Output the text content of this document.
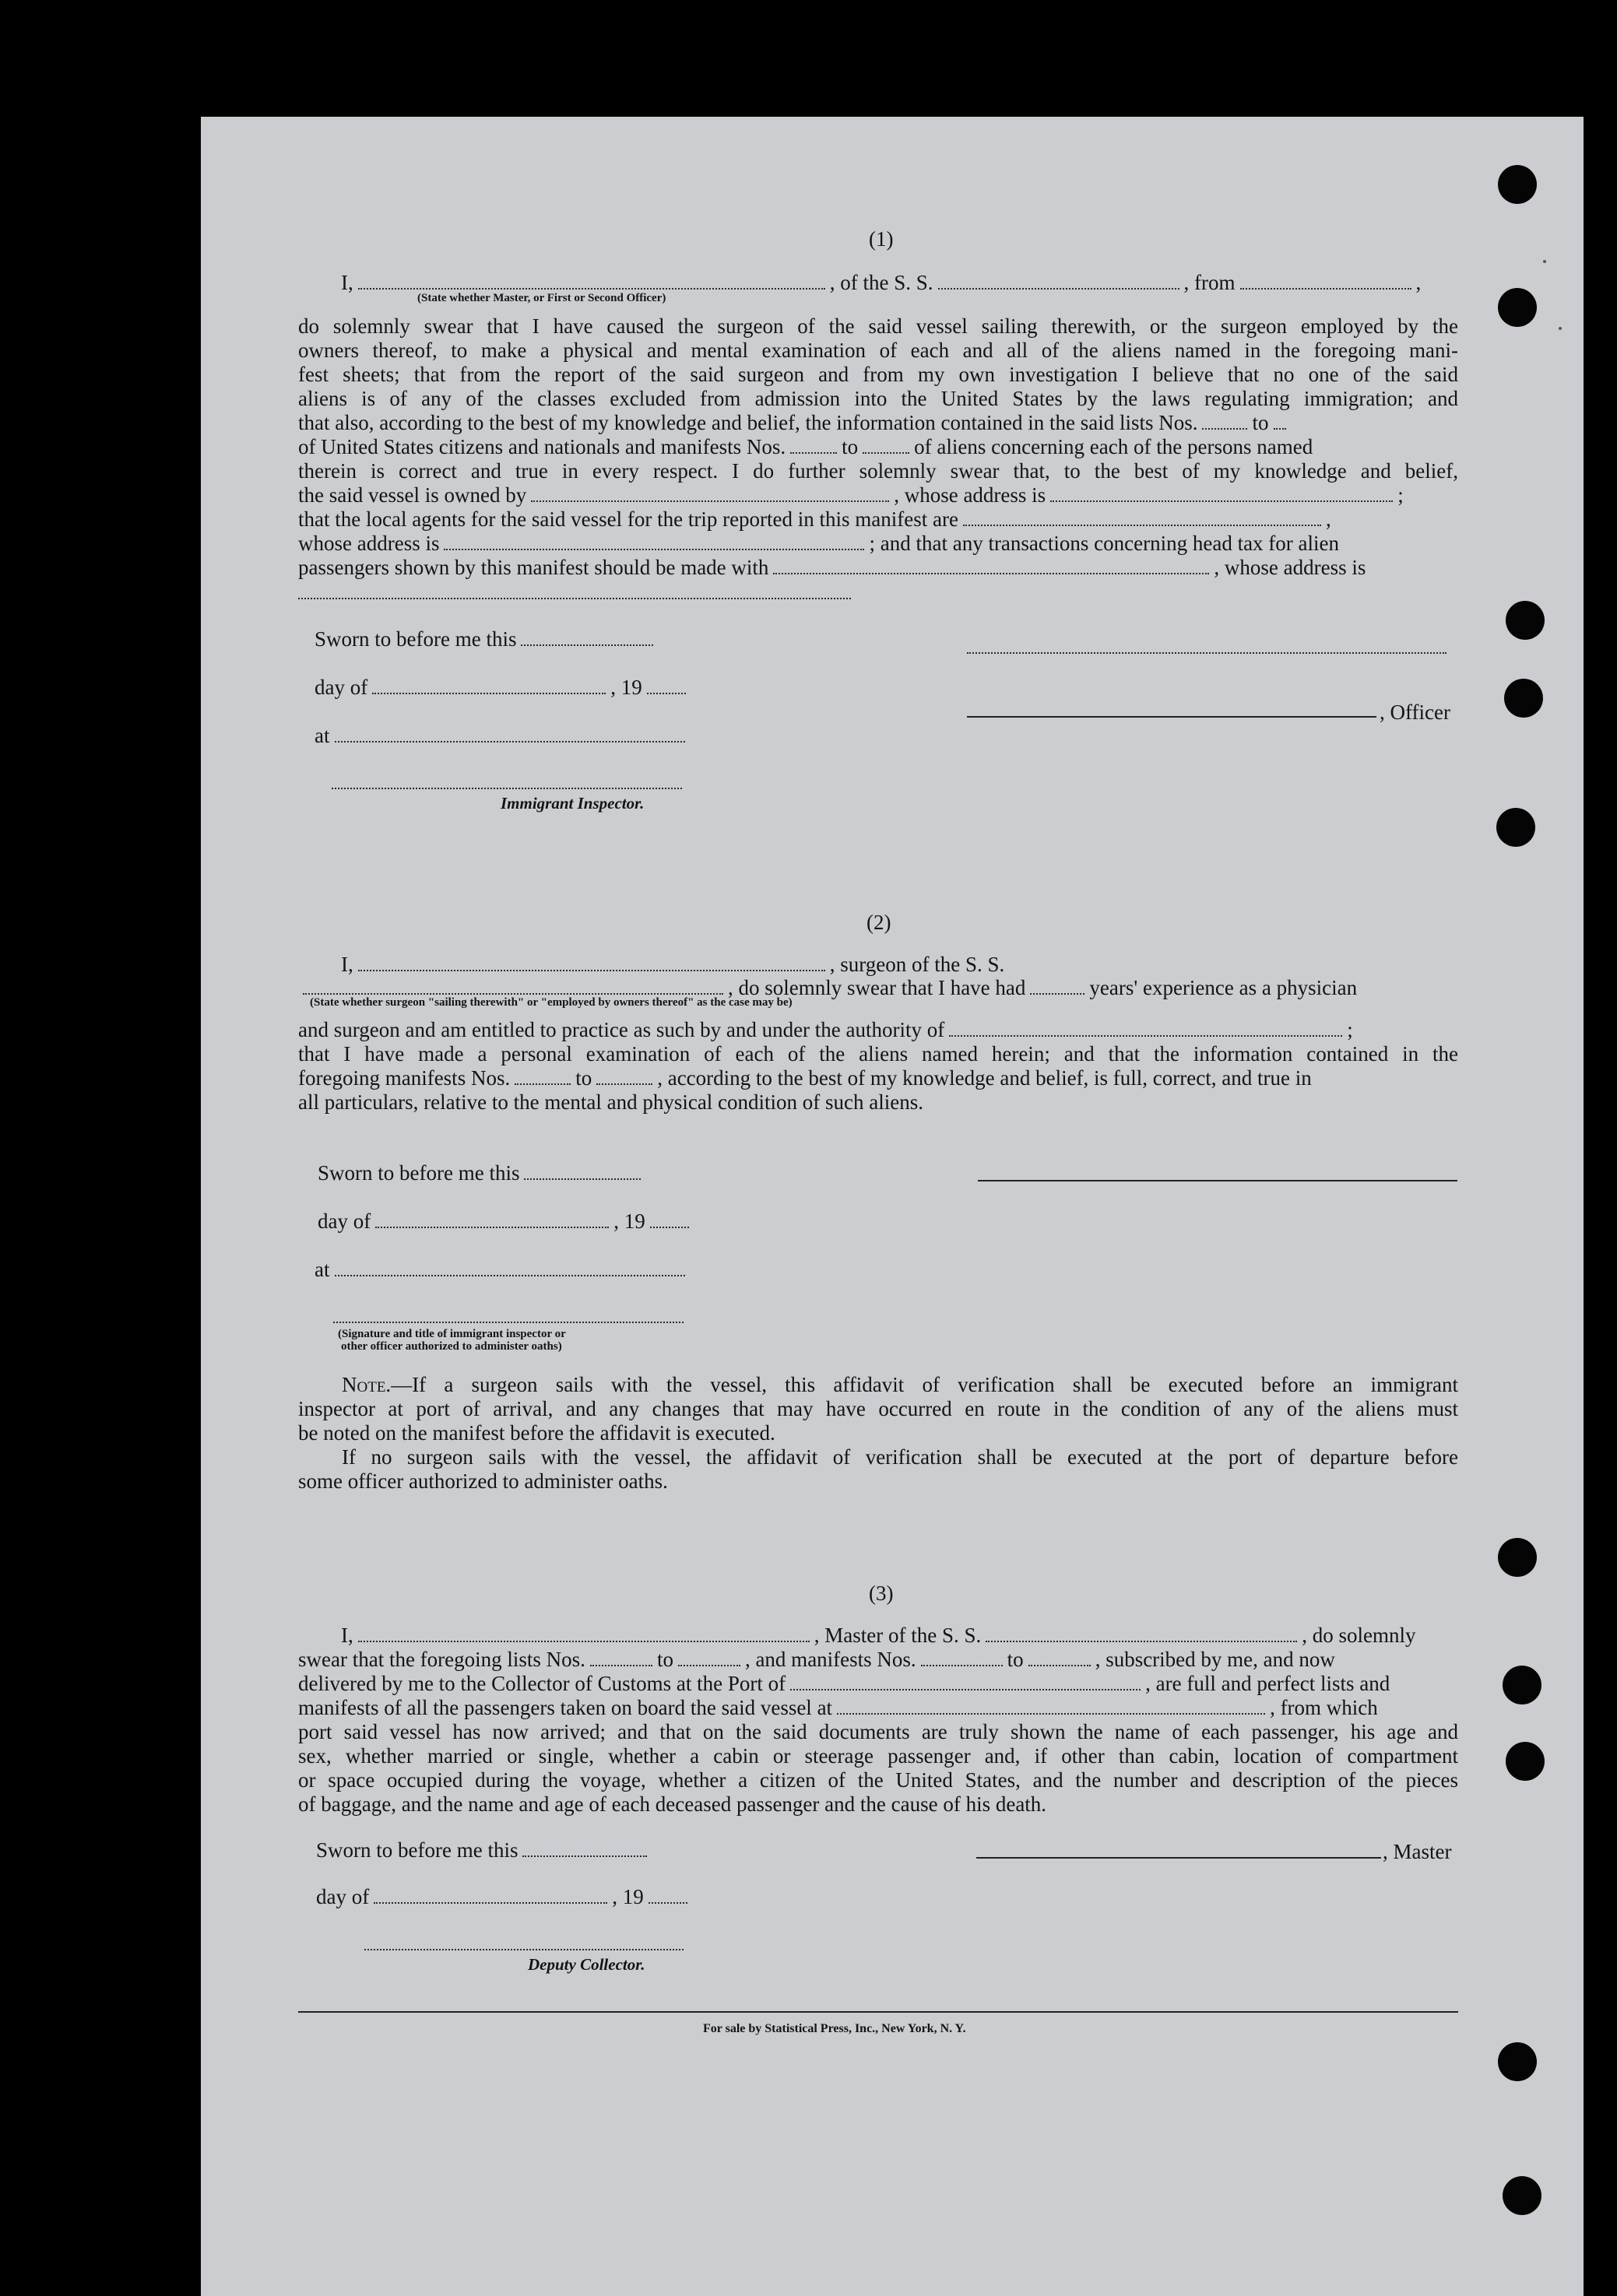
(1)
I,	, of the S. S.	, from	,
(State whether Master, or First or Second Officer)
do solemnly swear that I have caused the surgeon of the said vessel sailing therewith, or the surgeon employed by the
owners thereof, to make a physical and mental examination of each and all of the aliens named in the foregoing mani-
fest sheets; that from the report of the said surgeon and from my own investigation I believe that no one of the said
aliens is of any of the classes excluded from admission into the United States by the laws regulating immigration; and
that also, according to the best of my knowledge and belief, the information contained in the said lists Nos.	to
of United States citizens and nationals and manifests Nos.	to	of aliens concerning each of the persons named
therein is correct and true in every respect. I do further solemnly swear that, to the best of my knowledge and belief,
the said vessel is owned by	, whose address is	;
that the local agents for the said vessel for the trip reported in this manifest are	,
whose address is	; and that any transactions concerning head tax for alien
passengers shown by this manifest should be made with	, whose address is
Sworn to before me this
day of	, 19
at
Immigrant Inspector.
, Officer
(2)
I,	, surgeon of the S. S.
, do solemnly swear that I have had	years' experience as a physician
(State whether surgeon "sailing therewith" or "employed by owners thereof" as the case may be)
and surgeon and am entitled to practice as such by and under the authority of	;
that I have made a personal examination of each of the aliens named herein; and that the information contained in the
foregoing manifests Nos.	to	, according to the best of my knowledge and belief, is full, correct, and true in
all particulars, relative to the mental and physical condition of such aliens.
Sworn to before me this
day of	, 19
at
(Signature and title of immigrant inspector or
other officer authorized to administer oaths)
Note.—If a surgeon sails with the vessel, this affidavit of verification shall be executed before an immigrant
inspector at port of arrival, and any changes that may have occurred en route in the condition of any of the aliens must
be noted on the manifest before the affidavit is executed.
If no surgeon sails with the vessel, the affidavit of verification shall be executed at the port of departure before
some officer authorized to administer oaths.
(3)
I,	, Master of the S. S.	, do solemnly
swear that the foregoing lists Nos.	to	, and manifests Nos.	to	, subscribed by me, and now
delivered by me to the Collector of Customs at the Port of	, are full and perfect lists and
manifests of all the passengers taken on board the said vessel at	, from which
port said vessel has now arrived; and that on the said documents are truly shown the name of each passenger, his age and
sex, whether married or single, whether a cabin or steerage passenger and, if other than cabin, location of compartment
or space occupied during the voyage, whether a citizen of the United States, and the number and description of the pieces
of baggage, and the name and age of each deceased passenger and the cause of his death.
Sworn to before me this	, Master
day of	, 19
Deputy Collector.
For sale by Statistical Press, Inc., New York, N. Y.
